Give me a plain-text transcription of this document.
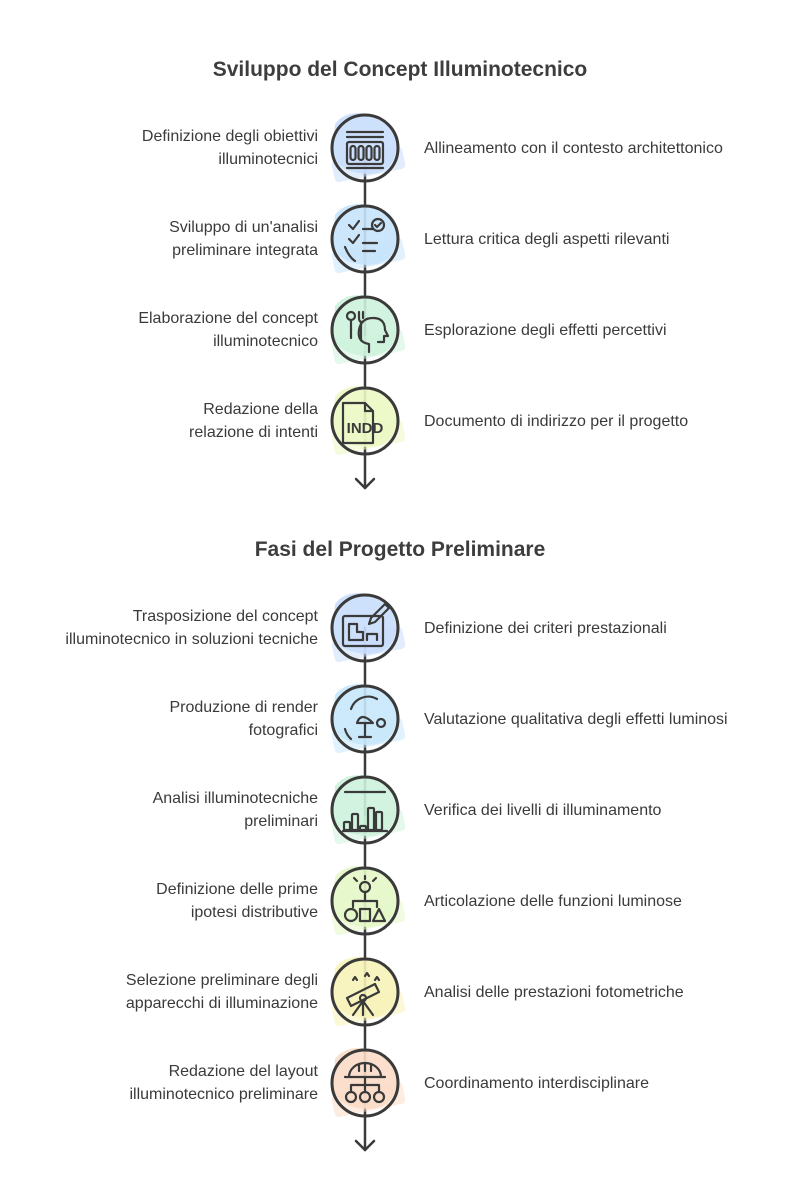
INDD
Sviluppo del Concept Illuminotecnico
Definizione degli obiettivi
illuminotecnici
Allineamento con il contesto architettonico
Sviluppo di un'analisi
preliminare integrata
Lettura critica degli aspetti rilevanti
Elaborazione del concept
illuminotecnico
Esplorazione degli effetti percettivi
Redazione della
relazione di intenti
Documento di indirizzo per il progetto
Fasi del Progetto Preliminare
Trasposizione del concept
illuminotecnico in soluzioni tecniche
Definizione dei criteri prestazionali
Produzione di render
fotografici
Valutazione qualitativa degli effetti luminosi
Analisi illuminotecniche
preliminari
Verifica dei livelli di illuminamento
Definizione delle prime
ipotesi distributive
Articolazione delle funzioni luminose
Selezione preliminare degli
apparecchi di illuminazione
Analisi delle prestazioni fotometriche
Redazione del layout
illuminotecnico preliminare
Coordinamento interdisciplinare
